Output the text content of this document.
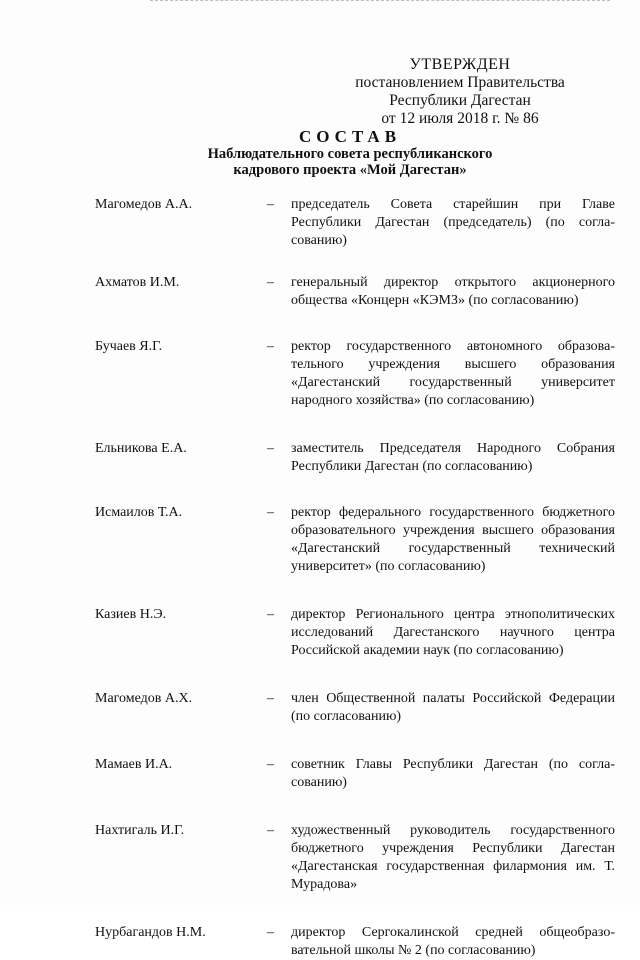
УТВЕРЖДЕН
постановлением Правительства
Республики Дагестан
от 12 июля 2018 г. № 86
СОСТАВ
Наблюдательного совета республиканского
кадрового проекта «Мой Дагестан»
Магомедов А.А.	–	председатель Совета старейшин при Главе Республики Дагестан (председатель) (по согласованию)
Ахматов И.М.	–	генеральный директор открытого акционерного общества «Концерн «КЭМЗ» (по согласованию)
Бучаев Я.Г.	–	ректор государственного автономного образовательного учреждения высшего образования «Дагестанский государственный университет народного хозяйства» (по согласованию)
Ельникова Е.А.	–	заместитель Председателя Народного Собрания Республики Дагестан (по согласованию)
Исмаилов Т.А.	–	ректор федерального государственного бюджетного образовательного учреждения высшего образования «Дагестанский государственный технический университет» (по согласованию)
Казиев Н.Э.	–	директор Регионального центра этнополитических исследований Дагестанского научного центра Российской академии наук (по согласованию)
Магомедов А.Х.	–	член Общественной палаты Российской Федерации (по согласованию)
Мамаев И.А.	–	советник Главы Республики Дагестан (по согласованию)
Нахтигаль И.Г.	–	художественный руководитель государственного бюджетного учреждения Республики Дагестан «Дагестанская государственная филармония им. Т. Мурадова»
Нурбагандов Н.М.	–	директор Сергокалинской средней общеобразовательной школы № 2 (по согласованию)
